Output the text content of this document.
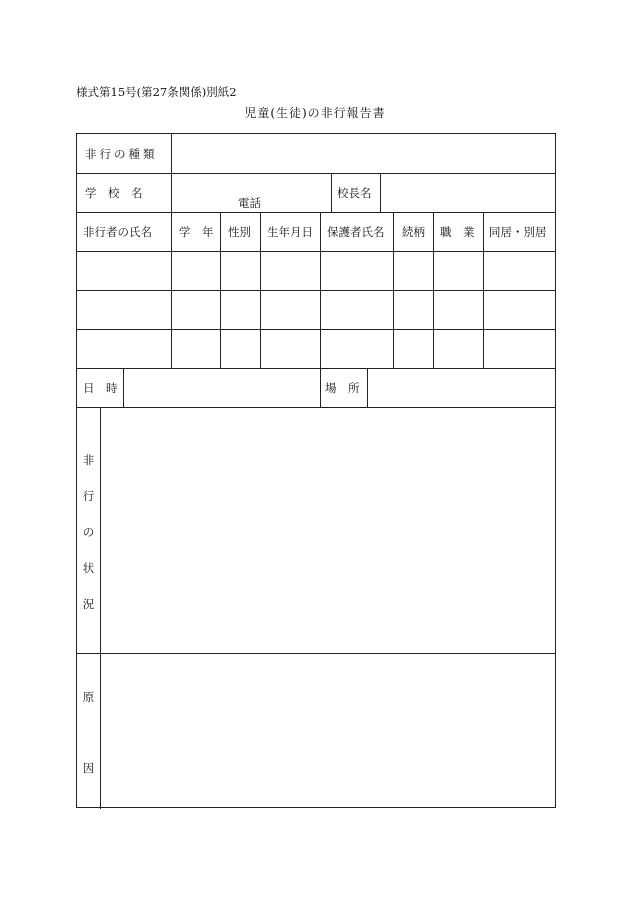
様式第15号(第27条関係)別紙2
児童(生徒)の非行報告書
非行の種類
学　校　名
電話
校長名
非行者の氏名 学　年 性別 生年月日 保護者氏名 続柄 職　業 同居・別居
日　時	場　所
非
行
の
状
況
原
因
